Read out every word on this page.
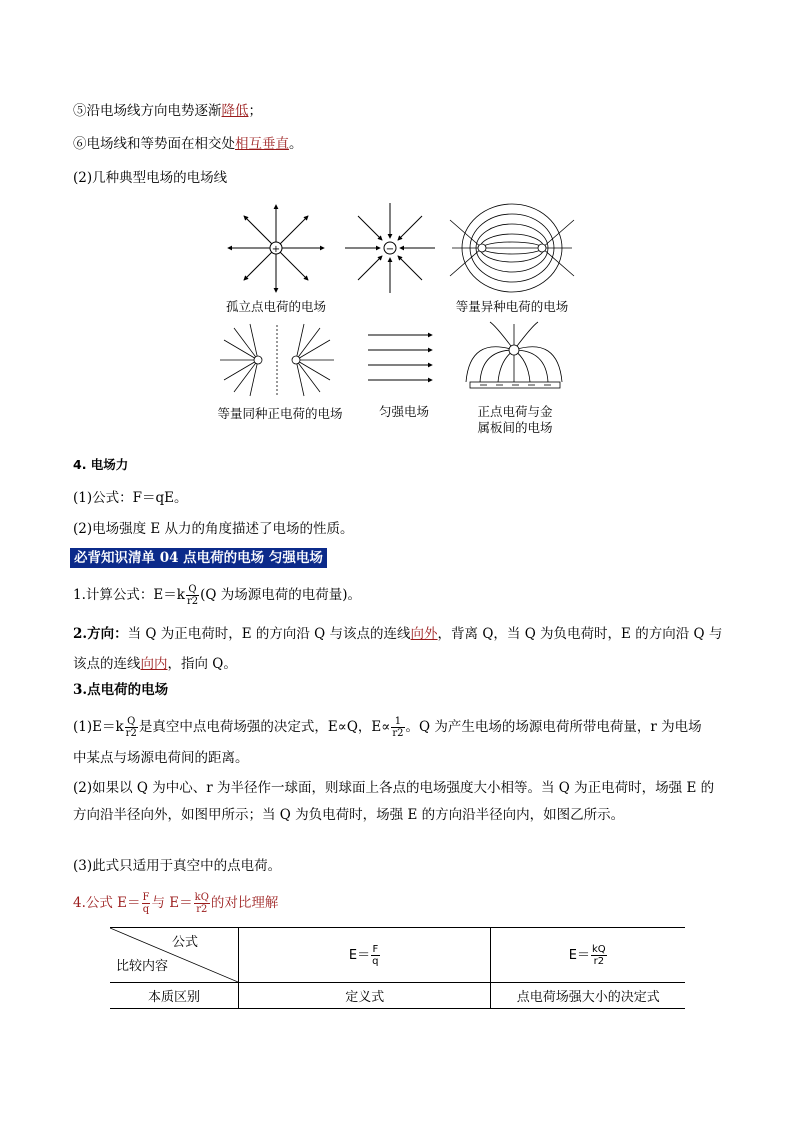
⑤沿电场线方向电势逐渐降低；
⑥电场线和等势面在相交处相互垂直。
(2)几种典型电场的电场线
+	−
孤立点电荷的电场	等量异种电荷的电场
等量同种正电荷的电场	匀强电场	正点电荷与金
属板间的电场
4. 电场力
(1)公式：F＝qE。
(2)电场强度 E 从力的角度描述了电场的性质。
必背知识清单 04 点电荷的电场 匀强电场
1.计算公式：$E=k \frac{Q}{r2} (Q$ 为场源电荷的电荷量)。
2.方向：当 Q 为正电荷时，E 的方向沿 Q 与该点的连线向外，背离 Q，当 Q 为负电荷时，E 的方向沿 Q 与
该点的连线向内，指向 Q。
3.点电荷的电场
$(1)E=k \frac{Q}{r2}$ 是真空中点电荷场强的决定式，E∝Q，$E\propto \frac{1}{r2}$ 。Q 为产生电场的场源电荷所带电荷量，r 为电场
中某点与场源电荷间的距离。
(2)如果以 Q 为中心、r 为半径作一球面，则球面上各点的电场强度大小相等。当 Q 为正电荷时，场强 E 的
方向沿半径向外，如图甲所示；当 Q 为负电荷时，场强 E 的方向沿半径向内，如图乙所示。
(3)此式只适用于真空中的点电荷。
4.公式 $E= \frac{F}{q}$ 与 $E= \frac{kQ}{r2}$ 的对比理解
公式
比较内容	$E= \frac{F}{q}$	$E= \frac{kQ}{r2}$

本质区别	定义式	点电荷场强大小的决定式
